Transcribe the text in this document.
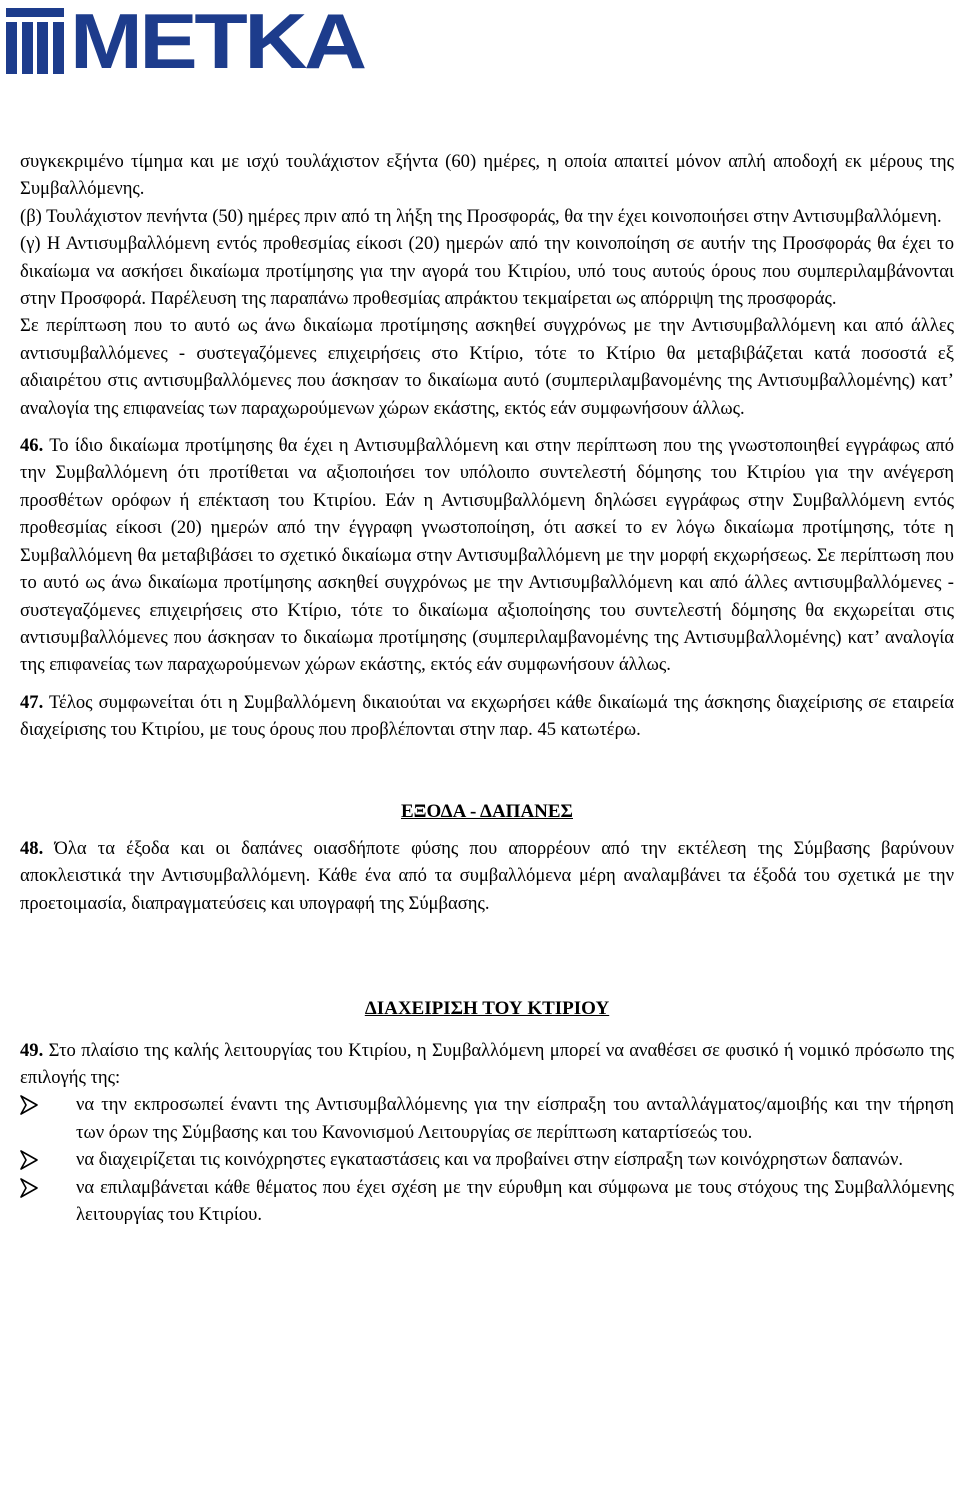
METKA

συγκεκριμένο τίμημα και με ισχύ τουλάχιστον εξήντα (60) ημέρες, η οποία απαιτεί μόνον απλή αποδοχή εκ μέρους της Συμβαλλόμενης.

(β) Τουλάχιστον πενήντα (50) ημέρες πριν από τη λήξη της Προσφοράς, θα την έχει κοινοποιήσει στην Αντισυμβαλλόμενη.

(γ) Η Αντισυμβαλλόμενη εντός προθεσμίας είκοσι (20) ημερών από την κοινοποίηση σε αυτήν της Προσφοράς θα έχει το δικαίωμα να ασκήσει δικαίωμα προτίμησης για την αγορά του Κτιρίου, υπό τους αυτούς όρους που συμπεριλαμβάνονται στην Προσφορά. Παρέλευση της παραπάνω προθεσμίας απράκτου τεκμαίρεται ως απόρριψη της προσφοράς.

Σε περίπτωση που το αυτό ως άνω δικαίωμα προτίμησης ασκηθεί συγχρόνως με την Αντισυμβαλλόμενη και από άλλες αντισυμβαλλόμενες - συστεγαζόμενες επιχειρήσεις στο Κτίριο, τότε το Κτίριο θα μεταβιβάζεται κατά ποσοστά εξ αδιαιρέτου στις αντισυμβαλλόμενες που άσκησαν το δικαίωμα αυτό (συμπεριλαμβανομένης της Αντισυμβαλλομένης) κατ’ αναλογία της επιφανείας των παραχωρούμενων χώρων εκάστης, εκτός εάν συμφωνήσουν άλλως.

46. Το ίδιο δικαίωμα προτίμησης θα έχει η Αντισυμβαλλόμενη και στην περίπτωση που της γνωστοποιηθεί εγγράφως από την Συμβαλλόμενη ότι προτίθεται να αξιοποιήσει τον υπόλοιπο συντελεστή δόμησης του Κτιρίου για την ανέγερση προσθέτων ορόφων ή επέκταση του Κτιρίου. Εάν η Αντισυμβαλλόμενη δηλώσει εγγράφως στην Συμβαλλόμενη εντός προθεσμίας είκοσι (20) ημερών από την έγγραφη γνωστοποίηση, ότι ασκεί το εν λόγω δικαίωμα προτίμησης, τότε η Συμβαλλόμενη θα μεταβιβάσει το σχετικό δικαίωμα στην Αντισυμβαλλόμενη με την μορφή εκχωρήσεως. Σε περίπτωση που το αυτό ως άνω δικαίωμα προτίμησης ασκηθεί συγχρόνως με την Αντισυμβαλλόμενη και από άλλες αντισυμβαλλόμενες - συστεγαζόμενες επιχειρήσεις στο Κτίριο, τότε το δικαίωμα αξιοποίησης του συντελεστή δόμησης θα εκχωρείται στις αντισυμβαλλόμενες που άσκησαν το δικαίωμα προτίμησης (συμπεριλαμβανομένης της Αντισυμβαλλομένης) κατ’ αναλογία της επιφανείας των παραχωρούμενων χώρων εκάστης, εκτός εάν συμφωνήσουν άλλως.

47. Τέλος συμφωνείται ότι η Συμβαλλόμενη δικαιούται να εκχωρήσει κάθε δικαίωμά της άσκησης διαχείρισης σε εταιρεία διαχείρισης του Κτιρίου, με τους όρους που προβλέπονται στην παρ. 45 κατωτέρω.

ΕΞΟΔΑ - ΔΑΠΑΝΕΣ

48. Όλα τα έξοδα και οι δαπάνες οιασδήποτε φύσης που απορρέουν από την εκτέλεση της Σύμβασης βαρύνουν αποκλειστικά την Αντισυμβαλλόμενη. Κάθε ένα από τα συμβαλλόμενα μέρη αναλαμβάνει τα έξοδά του σχετικά με την προετοιμασία, διαπραγματεύσεις και υπογραφή της Σύμβασης.

ΔΙΑΧΕΙΡΙΣΗ ΤΟΥ ΚΤΙΡΙΟΥ

49. Στο πλαίσιο της καλής λειτουργίας του Κτιρίου, η Συμβαλλόμενη μπορεί να αναθέσει σε φυσικό ή νομικό πρόσωπο της επιλογής της:

να την εκπροσωπεί έναντι της Αντισυμβαλλόμενης για την είσπραξη του ανταλλάγματος/αμοιβής και την τήρηση των όρων της Σύμβασης και του Κανονισμού Λειτουργίας σε περίπτωση καταρτίσεώς του.
να διαχειρίζεται τις κοινόχρηστες εγκαταστάσεις και να προβαίνει στην είσπραξη των κοινόχρηστων δαπανών.
να επιλαμβάνεται κάθε θέματος που έχει σχέση με την εύρυθμη και σύμφωνα με τους στόχους της Συμβαλλόμενης λειτουργίας του Κτιρίου.
